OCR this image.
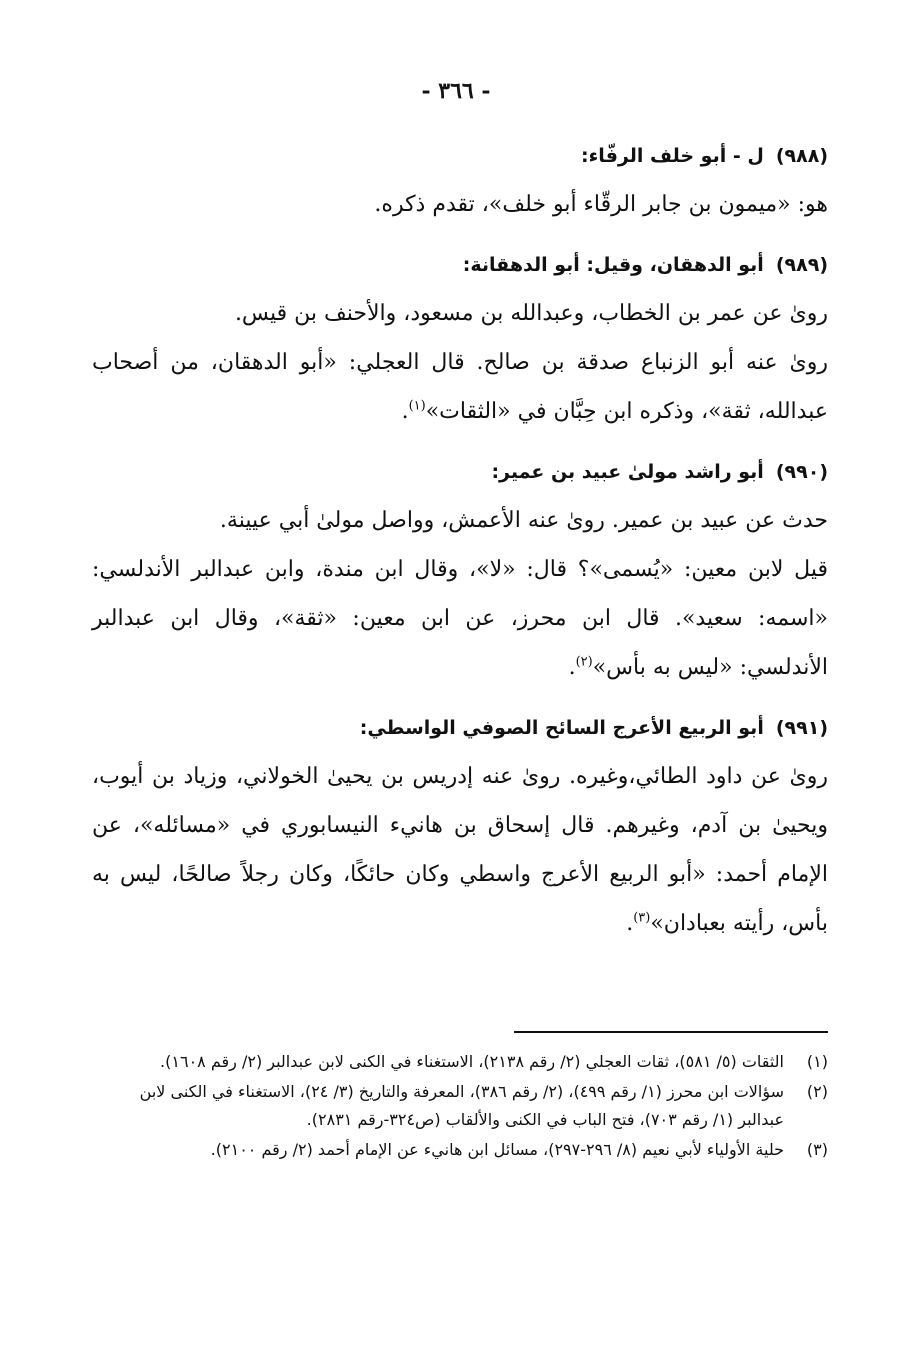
- ٣٦٦ -
(٩٨٨)ل - أبو خلف الرفّاء:

هو: «ميمون بن جابر الرقّاء أبو خلف»، تقدم ذكره.

(٩٨٩)أبو الدهقان، وقيل: أبو الدهقانة:

روىٰ عن عمر بن الخطاب، وعبدالله بن مسعود، والأحنف بن قيس.

روىٰ عنه أبو الزنباع صدقة بن صالح. قال العجلي: «أبو الدهقان، من أصحاب عبدالله، ثقة»، وذكره ابن حِبَّان في «الثقات»$^{(١)}$.

(٩٩٠)أبو راشد مولىٰ عبيد بن عمير:

حدث عن عبيد بن عمير. روىٰ عنه الأعمش، وواصل مولىٰ أبي عيينة.

قيل لابن معين: «يُسمى»؟ قال: «لا»، وقال ابن مندة، وابن عبدالبر الأندلسي: «اسمه: سعيد». قال ابن محرز، عن ابن معين: «ثقة»، وقال ابن عبدالبر الأندلسي: «ليس به بأس»$^{(٢)}$.

(٩٩١)أبو الربيع الأعرج السائح الصوفي الواسطي:

روىٰ عن داود الطائي،وغيره. روىٰ عنه إدريس بن يحيىٰ الخولاني، وزياد بن أيوب، ويحيىٰ بن آدم، وغيرهم. قال إسحاق بن هانيء النيسابوري في «مسائله»، عن الإمام أحمد: «أبو الربيع الأعرج واسطي وكان حائكًا، وكان رجلاً صالحًا، ليس به بأس، رأيته بعبادان»$^{(٣)}$.

(١)
الثقات (٥/ ٥٨١)، ثقات العجلي (٢/ رقم ٢١٣٨)، الاستغناء في الكنى لابن عبدالبر (٢/ رقم ١٦٠٨).
(٢)
سؤالات ابن محرز (١/ رقم ٤٩٩)، (٢/ رقم ٣٨٦)، المعرفة والتاريخ (٣/ ٢٤)، الاستغناء في الكنى لابن عبدالبر (١/ رقم ٧٠٣)، فتح الباب في الكنى والألقاب (ص٣٢٤-رقم ٢٨٣١).
(٣)
حلية الأولياء لأبي نعيم (٨/ ٢٩٦-٢٩٧)، مسائل ابن هانيء عن الإمام أحمد (٢/ رقم ٢١٠٠).
